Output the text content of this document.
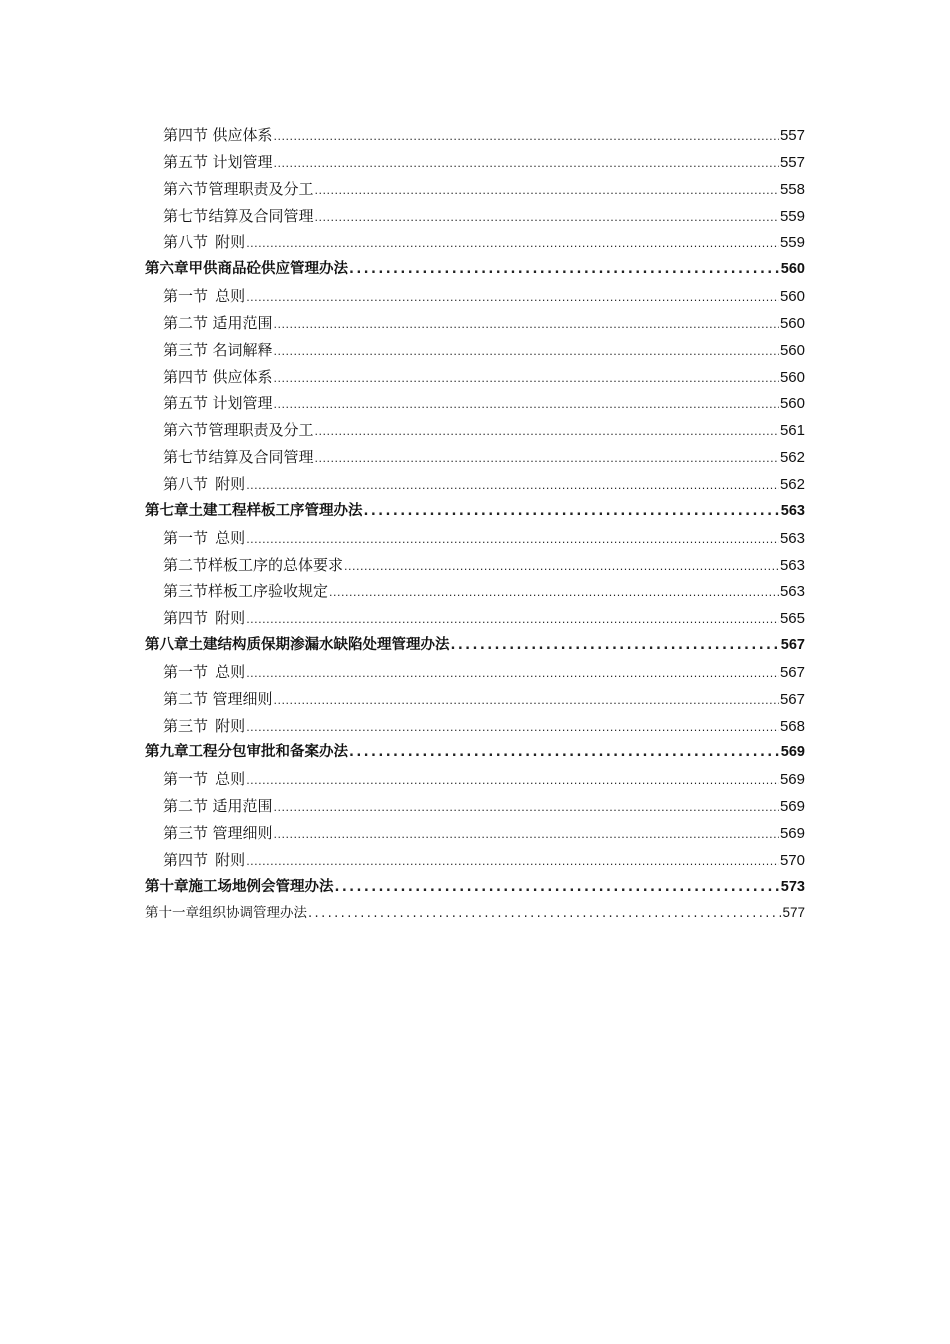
第四节 供应体系 .....	557
第五节 计划管理 .....	557
第六节 管理职责及分工 .....	558
第七节 结算及合同管理 .....	559
第八节 附则 .....	559
第六章 甲供商品砼供应管理办法 .....	560
第一节 总则 .....	560
第二节 适用范围 .....	560
第三节 名词解释 .....	560
第四节 供应体系 .....	560
第五节 计划管理 .....	560
第六节 管理职责及分工 .....	561
第七节 结算及合同管理 .....	562
第八节 附则 .....	562
第七章 土建工程样板工序管理办法 .....	563
第一节 总则 .....	563
第二节 样板工序的总体要求 .....	563
第三节 样板工序验收规定 .....	563
第四节 附则 .....	565
第八章 土建结构质保期渗漏水缺陷处理管理办法 .....	567
第一节 总则 .....	567
第二节 管理细则 .....	567
第三节 附则 .....	568
第九章 工程分包审批和备案办法 .....	569
第一节 总则 .....	569
第二节 适用范围 .....	569
第三节 管理细则 .....	569
第四节 附则 .....	570
第十章 施工场地例会管理办法 .....	573
第十一章 组织协调管理办法 .....	577
